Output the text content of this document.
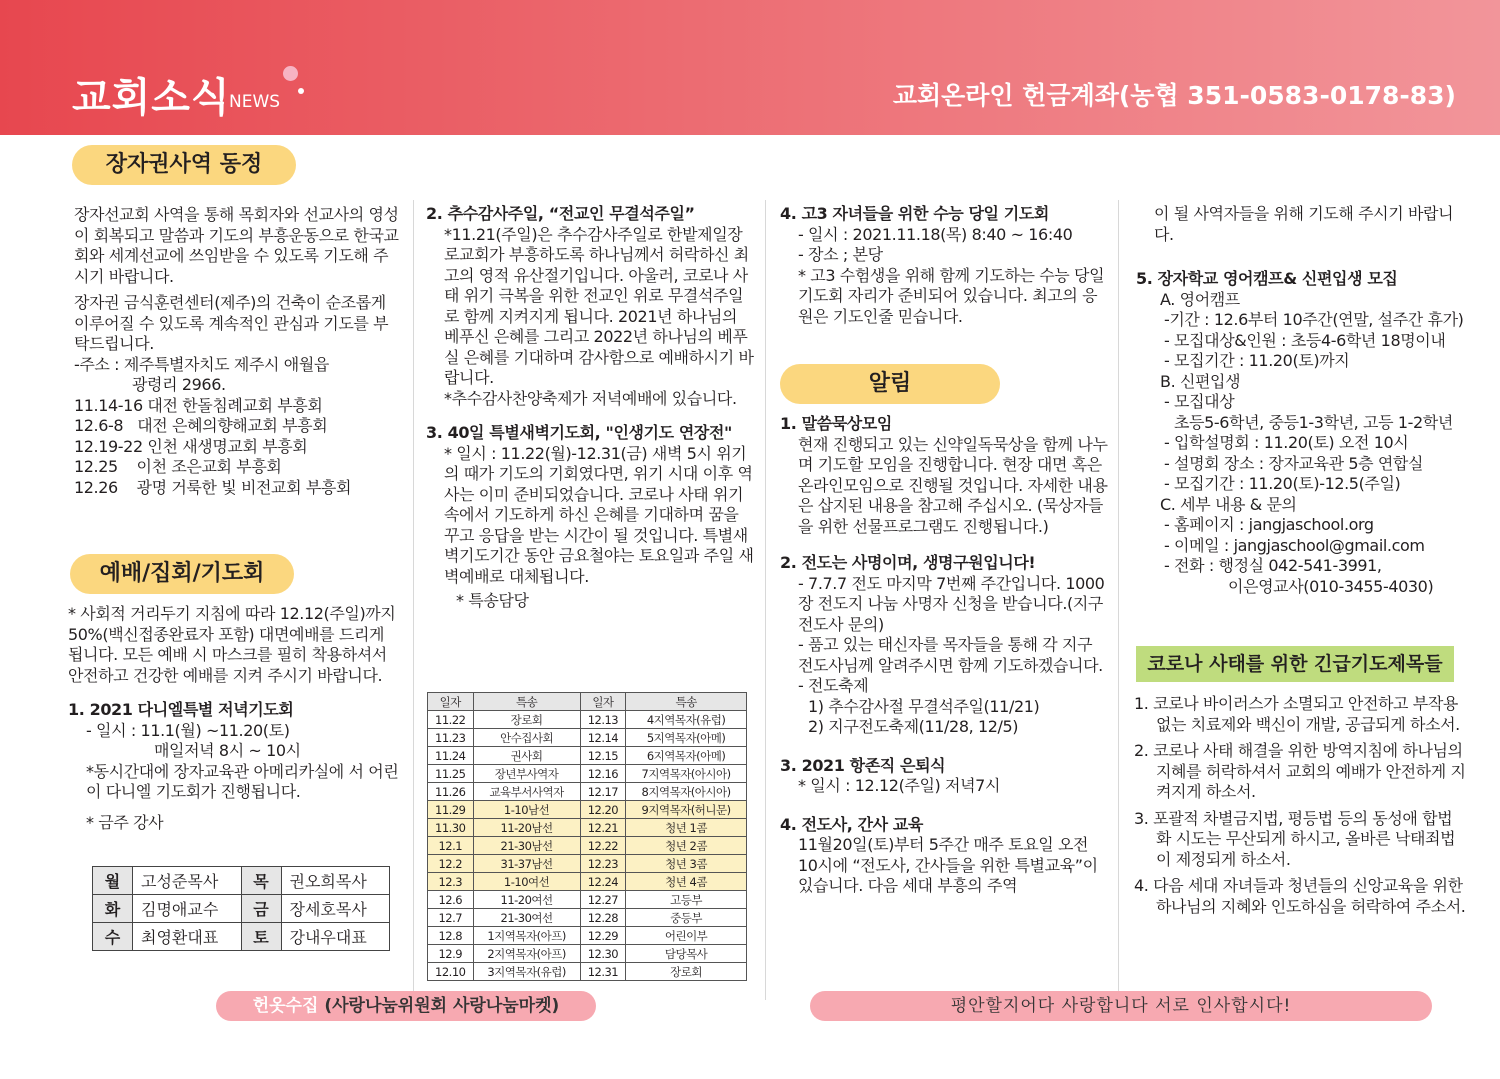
교회소식
NEWS	교회온라인 헌금계좌(농협 351-0583-0178-83)
장자권사역 동정

장자선교회 사역을 통해 목회자와 선교사의 영성이 회복되고 말씀과 기도의 부흥운동으로 한국교회와 세계선교에 쓰임받을 수 있도록 기도해 주시기 바랍니다.

장자권 금식훈련센터(제주)의 건축이 순조롭게 이루어질 수 있도록 계속적인 관심과 기도를 부탁드립니다.

-주소 : 제주특별자치도 제주시 애월읍
광령리 2966.
11.14-16 대전 한돌침례교회 부흥회
12.6-8   대전 은혜의향해교회 부흥회
12.19-22 인천 새생명교회 부흥회
12.25    이천 조은교회 부흥회
12.26    광명 거룩한 빛 비전교회 부흥회
예배/집회/기도회

* 사회적 거리두기 지침에 따라 12.12(주일)까지 50%(백신접종완료자 포함) 대면예배를 드리게 됩니다. 모든 예배 시 마스크를 필히 착용하셔서 안전하고 건강한 예배를 지켜 주시기 바랍니다.

1. 2021 다니엘특별 저녁기도회
- 일시 : 11.1(월) ~11.20(토)
매일저녁 8시 ~ 10시
*동시간대에 장자교육관 아메리카실에 서 어린이 다니엘 기도회가 진행됩니다.
* 금주 강사
월	고성준목사	목	권오희목사
화	김명애교수	금	장세호목사
수	최영환대표	토	강내우대표
2. 추수감사주일, “전교인 무결석주일”

*11.21(주일)은 추수감사주일로 한밭제일장로교회가 부흥하도록 하나님께서 허락하신 최고의 영적 유산절기입니다. 아울러, 코로나 사태 위기 극복을 위한 전교인 위로 무결석주일로 함께 지켜지게 됩니다. 2021년 하나님의 베푸신 은혜를 그리고 2022년 하나님의 베푸실 은혜를 기대하며 감사함으로 예배하시기 바랍니다.

*추수감사찬양축제가 저녁예배에 있습니다.

3. 40일 특별새벽기도회, "인생기도 연장전"

* 일시 : 11.22(월)-12.31(금) 새벽 5시 위기의 때가 기도의 기회였다면, 위기 시대 이후 역사는 이미 준비되었습니다. 코로나 사태 위기 속에서 기도하게 하신 은혜를 기대하며 꿈을 꾸고 응답을 받는 시간이 될 것입니다. 특별새벽기도기간 동안 금요철야는 토요일과 주일 새벽예배로 대체됩니다.

* 특송담당
일자	특송	일자	특송
11.22	장로회	12.13	4지역목자(유럽)
11.23	안수집사회	12.14	5지역목자(아메)
11.24	권사회	12.15	6지역목자(아메)
11.25	장년부사역자	12.16	7지역목자(아시아)
11.26	교육부서사역자	12.17	8지역목자(아시아)
11.29	1-10남선	12.20	9지역목자(허니문)
11.30	11-20남선	12.21	청년 1콤
12.1	21-30남선	12.22	청년 2콤
12.2	31-37남선	12.23	청년 3콤
12.3	1-10여선	12.24	청년 4콤
12.6	11-20여선	12.27	고등부
12.7	21-30여선	12.28	중등부
12.8	1지역목자(아프)	12.29	어린이부
12.9	2지역목자(아프)	12.30	담당목사
12.10	3지역목자(유럽)	12.31	장로회
4. 고3 자녀들을 위한 수능 당일 기도회
- 일시 : 2021.11.18(목) 8:40 ~ 16:40
- 장소 ; 본당
* 고3 수험생을 위해 함께 기도하는 수능 당일 기도회 자리가 준비되어 있습니다. 최고의 응원은 기도인줄 믿습니다.
알림
1. 말씀묵상모임

현재 진행되고 있는 신약일독묵상을 함께 나누며 기도할 모임을 진행합니다. 현장 대면 혹은 온라인모임으로 진행될 것입니다. 자세한 내용은 삽지된 내용을 참고해 주십시오. (묵상자들을 위한 선물프로그램도 진행됩니다.)

2. 전도는 사명이며, 생명구원입니다!
- 7.7.7 전도 마지막 7번째 주간입니다. 1000장 전도지 나눔 사명자 신청을 받습니다.(지구전도사 문의)
- 품고 있는 태신자를 목자들을 통해 각 지구 전도사님께 알려주시면 함께 기도하겠습니다.
- 전도축제
1) 추수감사절 무결석주일(11/21)
2) 지구전도축제(11/28, 12/5)
3. 2021 항존직 은퇴식
* 일시 : 12.12(주일) 저녁7시
4. 전도사, 간사 교육

11월20일(토)부터 5주간 매주 토요일 오전 10시에 “전도사, 간사들을 위한 특별교육”이 있습니다. 다음 세대 부흥의 주역

이 될 사역자들을 위해 기도해 주시기 바랍니다.

5. 장자학교 영어캠프& 신편입생 모집
A. 영어캠프
-기간 : 12.6부터 10주간(연말, 설주간 휴가)
- 모집대상&인원 : 초등4-6학년 18명이내
- 모집기간 : 11.20(토)까지
B. 신편입생
- 모집대상
초등5-6학년, 중등1-3학년, 고등 1-2학년
- 입학설명회 : 11.20(토) 오전 10시
- 설명회 장소 : 장자교육관 5층 연합실
- 모집기간 : 11.20(토)-12.5(주일)
C. 세부 내용 & 문의
- 홈페이지 : jangjaschool.org
- 이메일 : jangjaschool@gmail.com
- 전화 : 행정실 042-541-3991,
이은영교사(010-3455-4030)
코로나 사태를 위한 긴급기도제목들
1. 코로나 바이러스가 소멸되고 안전하고 부작용 없는 치료제와 백신이 개발, 공급되게 하소서.
2. 코로나 사태 해결을 위한 방역지침에 하나님의 지혜를 허락하셔서 교회의 예배가 안전하게 지켜지게 하소서.
3. 포괄적 차별금지법, 평등법 등의 동성애 합법화 시도는 무산되게 하시고, 올바른 낙태죄법이 제정되게 하소서.
4. 다음 세대 자녀들과 청년들의 신앙교육을 위한 하나님의 지혜와 인도하심을 허락하여 주소서.
헌옷수집 (사랑나눔위원회 사랑나눔마켓)	평안할지어다 사랑합니다 서로 인사합시다!
